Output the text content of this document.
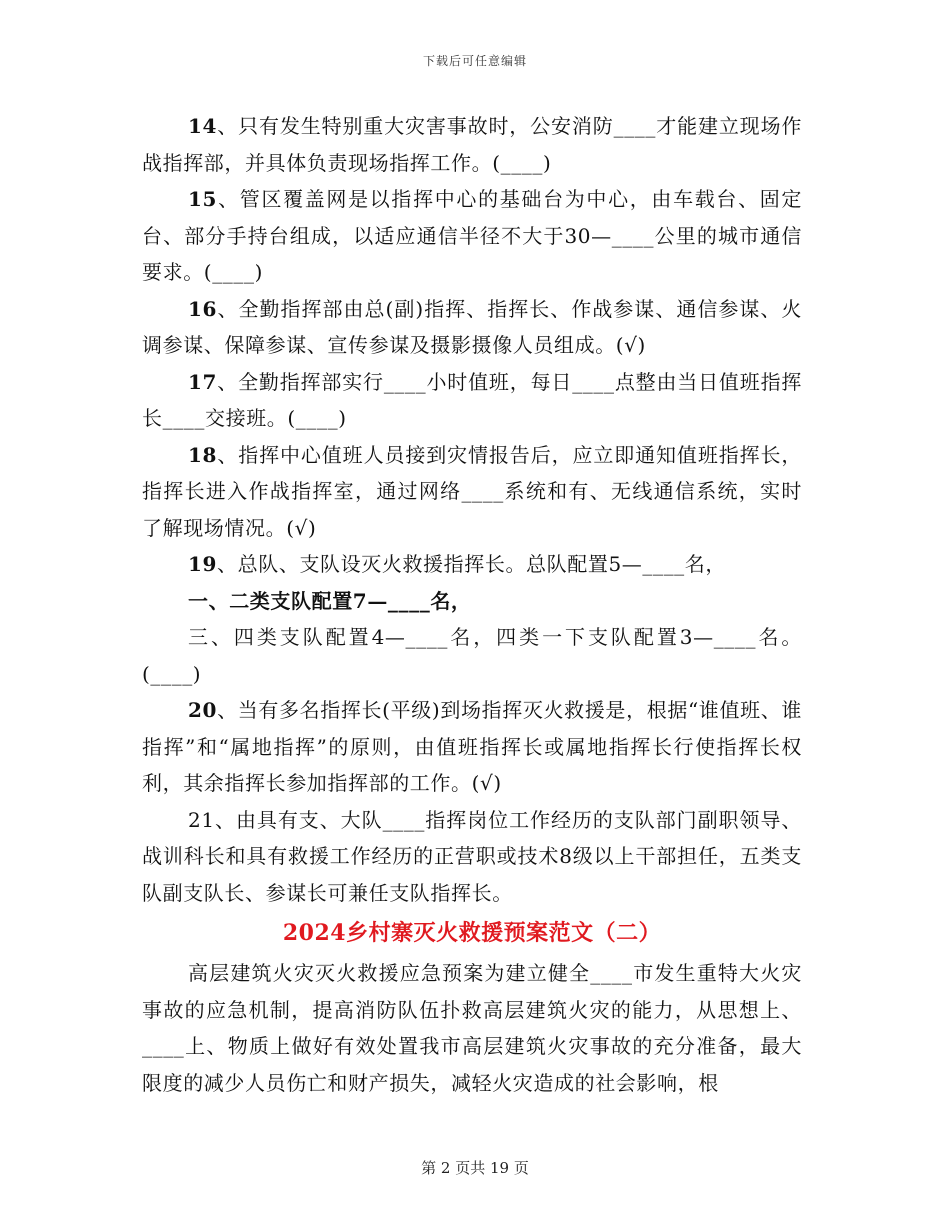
下载后可任意编辑

14、只有发生特别重大灾害事故时，公安消防____才能建立现场作战指挥部，并具体负责现场指挥工作。(____)

15、管区覆盖网是以指挥中心的基础台为中心，由车载台、固定台、部分手持台组成，以适应通信半径不大于30—____公里的城市通信要求。(____)

16、全勤指挥部由总(副)指挥、指挥长、作战参谋、通信参谋、火调参谋、保障参谋、宣传参谋及摄影摄像人员组成。(√)

17、全勤指挥部实行____小时值班，每日____点整由当日值班指挥长____交接班。(____)

18、指挥中心值班人员接到灾情报告后，应立即通知值班指挥长，指挥长进入作战指挥室，通过网络____系统和有、无线通信系统，实时了解现场情况。(√)

19、总队、支队设灭火救援指挥长。总队配置5—____名，

一、二类支队配置7—____名，

三、四类支队配置4—____名，四类一下支队配置3—____名。(____)

20、当有多名指挥长(平级)到场指挥灭火救援是，根据“谁值班、谁指挥”和“属地指挥”的原则，由值班指挥长或属地指挥长行使指挥长权利，其余指挥长参加指挥部的工作。(√)

21、由具有支、大队____指挥岗位工作经历的支队部门副职领导、战训科长和具有救援工作经历的正营职或技术8级以上干部担任，五类支队副支队长、参谋长可兼任支队指挥长。

2024乡村寨灭火救援预案范文（二）

高层建筑火灾灭火救援应急预案为建立健全____市发生重特大火灾事故的应急机制，提高消防队伍扑救高层建筑火灾的能力，从思想上、____上、物质上做好有效处置我市高层建筑火灾事故的充分准备，最大限度的减少人员伤亡和财产损失，减轻火灾造成的社会影响，根

第 2 页共 19 页
